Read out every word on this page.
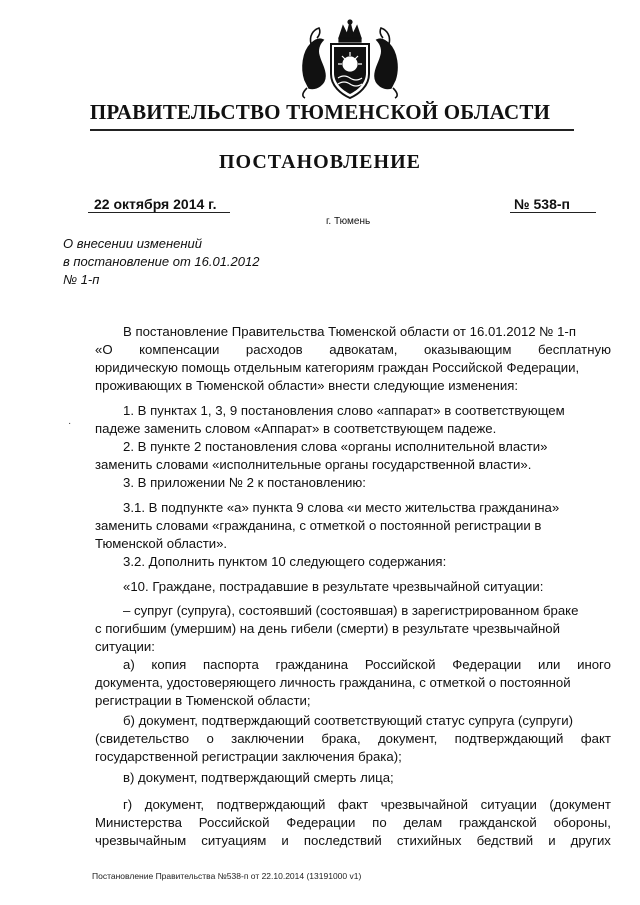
ПРАВИТЕЛЬСТВО ТЮМЕНСКОЙ ОБЛАСТИ
ПОСТАНОВЛЕНИЕ
22 октября 2014 г.	№ 538-п
г. Тюмень
О внесении изменений
в постановление от 16.01.2012
№ 1-п
·
В постановление Правительства Тюменской области от 16.01.2012 № 1-п
«О компенсации расходов адвокатам, оказывающим бесплатную
юридическую помощь отдельным категориям граждан Российской Федерации,
проживающих в Тюменской области» внести следующие изменения:
1. В пунктах 1, 3, 9 постановления слово «аппарат» в соответствующем
падеже заменить словом «Аппарат» в соответствующем падеже.
2. В пункте 2 постановления слова «органы исполнительной власти»
заменить словами «исполнительные органы государственной власти».
3. В приложении № 2 к постановлению:
3.1. В подпункте «а» пункта 9 слова «и место жительства гражданина»
заменить словами «гражданина, с отметкой о постоянной регистрации в
Тюменской области».
3.2. Дополнить пунктом 10 следующего содержания:
«10. Граждане, пострадавшие в результате чрезвычайной ситуации:
– супруг (супруга), состоявший (состоявшая) в зарегистрированном браке
с погибшим (умершим) на день гибели (смерти) в результате чрезвычайной
ситуации:
а) копия паспорта гражданина Российской Федерации или иного
документа, удостоверяющего личность гражданина, с отметкой о постоянной
регистрации в Тюменской области;
б) документ, подтверждающий соответствующий статус супруга (супруги)
(свидетельство о заключении брака, документ, подтверждающий факт
государственной регистрации заключения брака);
в) документ, подтверждающий смерть лица;
г) документ, подтверждающий факт чрезвычайной ситуации (документ
Министерства Российской Федерации по делам гражданской обороны,
чрезвычайным ситуациям и последствий стихийных бедствий и других
Постановление Правительства №538-п от 22.10.2014 (13191000 v1)
